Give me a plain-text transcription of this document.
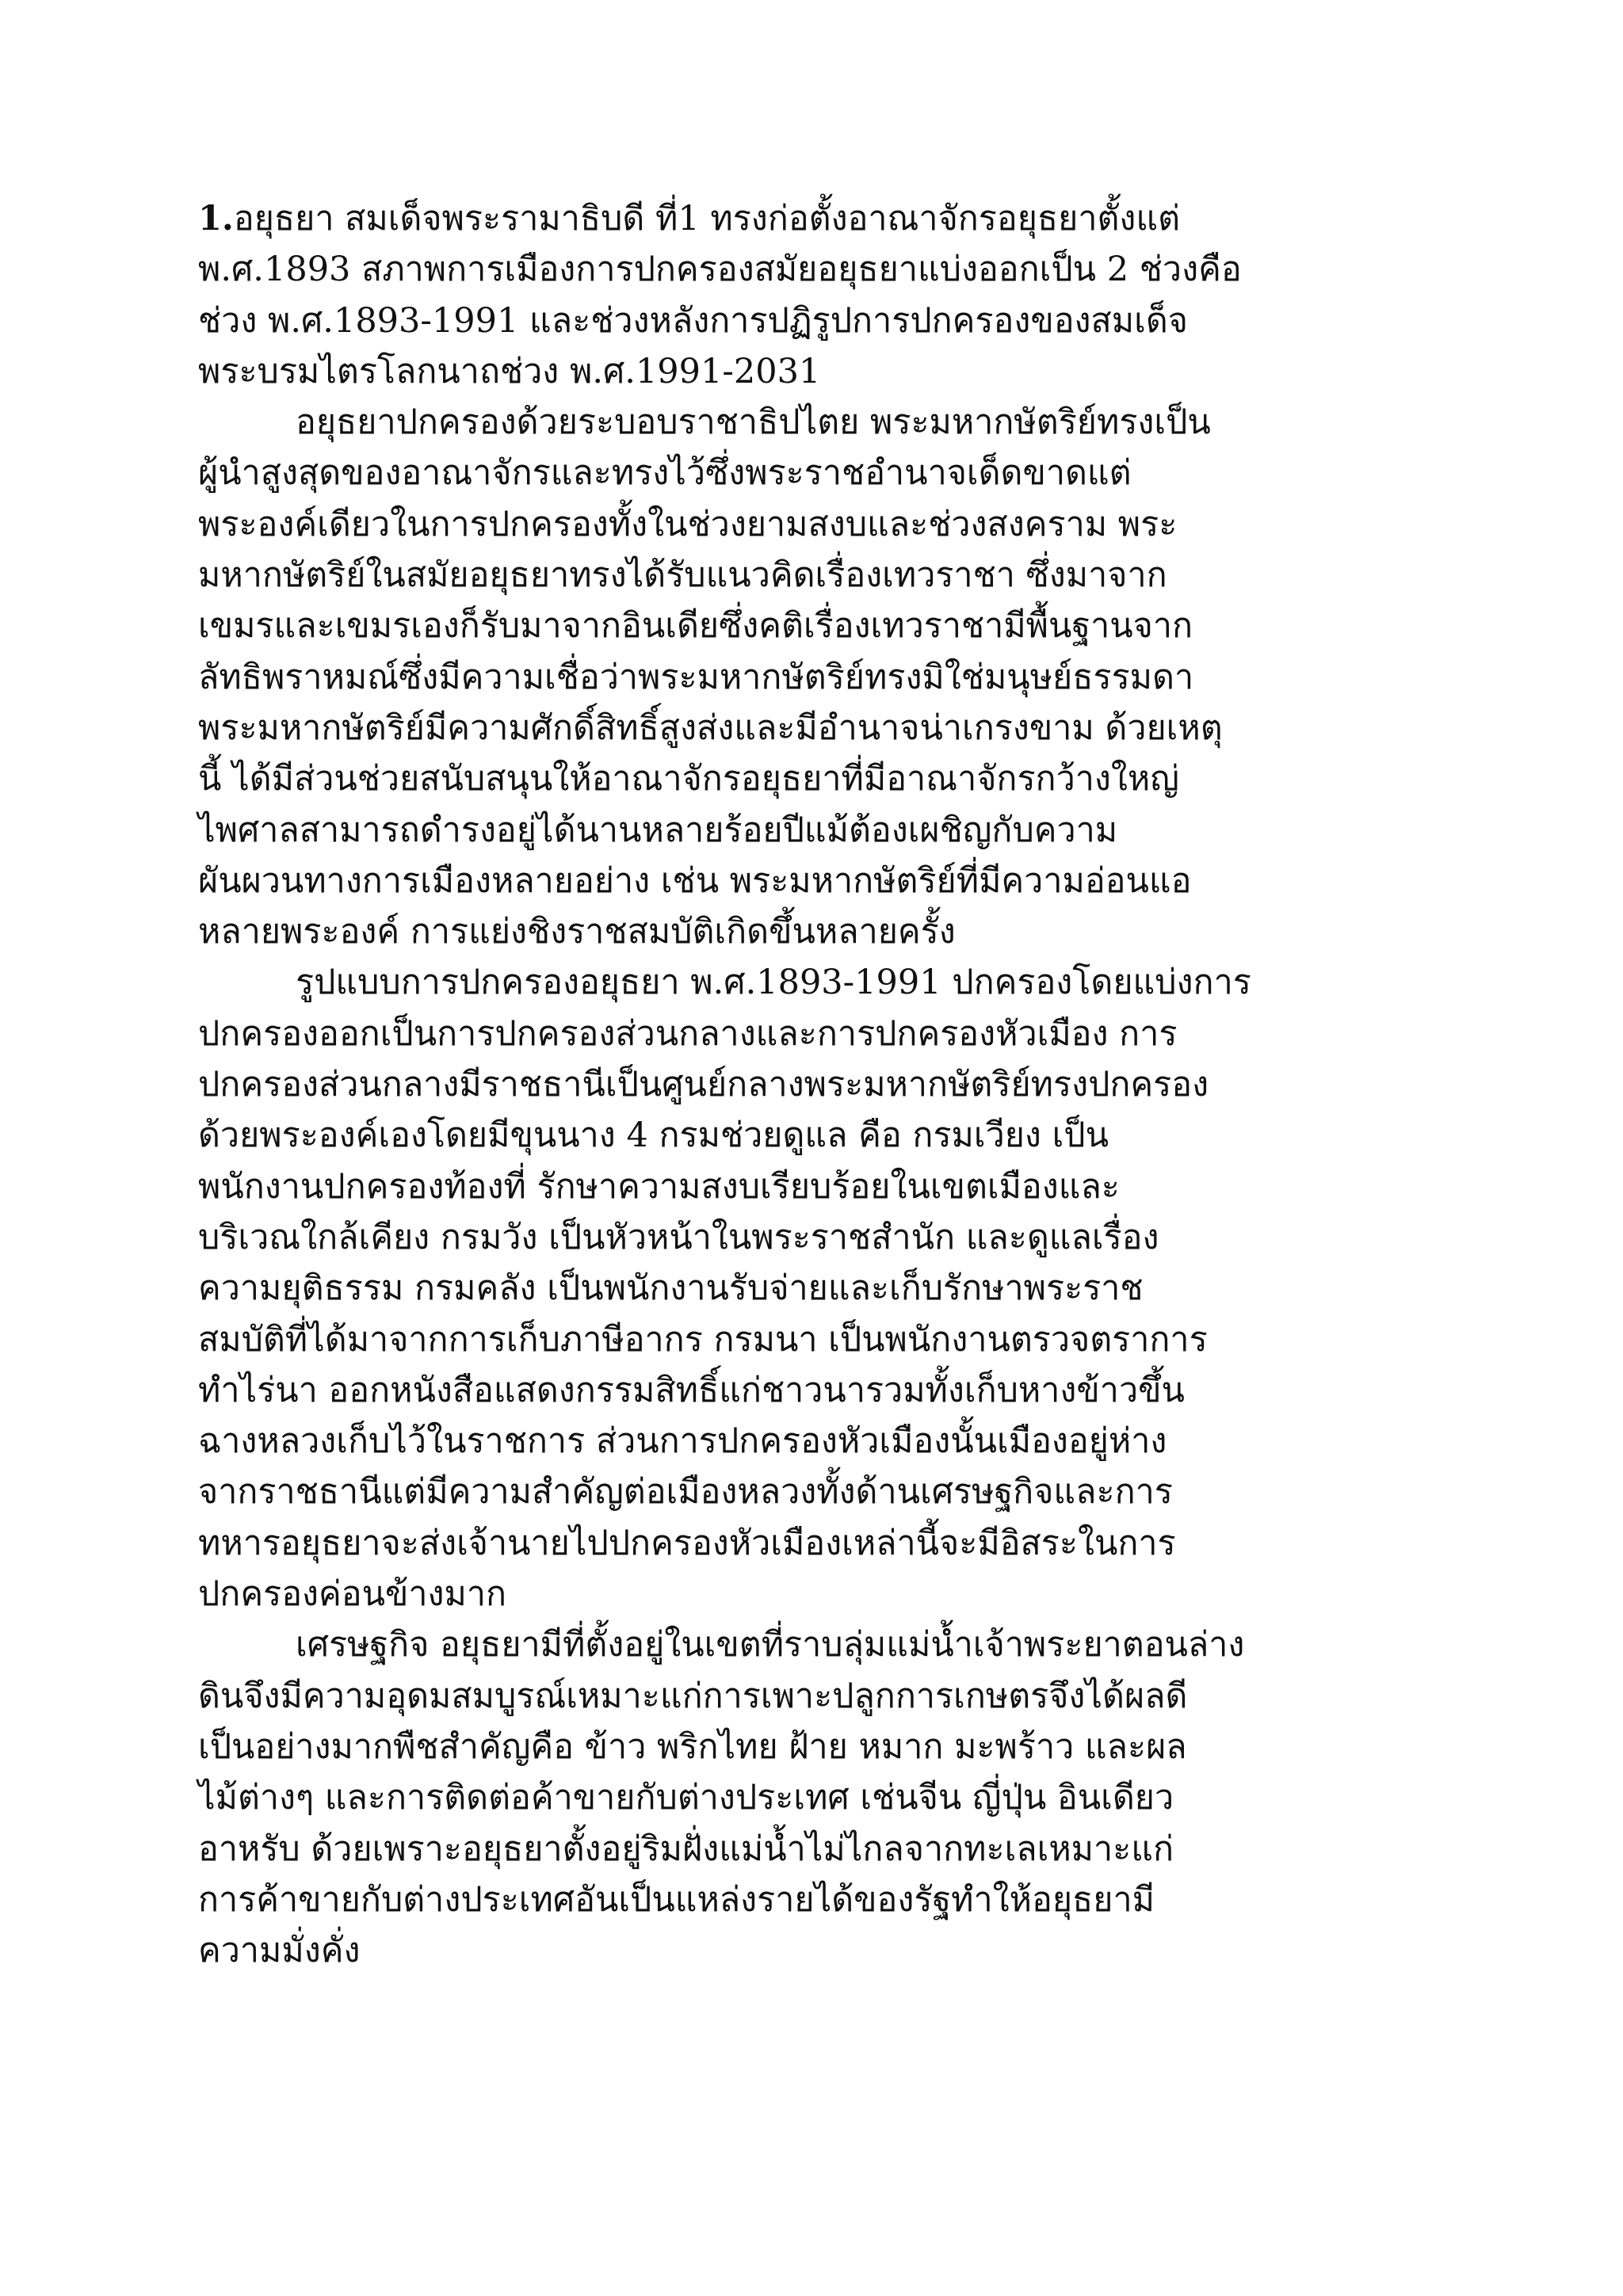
1.อยุธยา สมเด็จพระรามาธิบดี ที่1 ทรงก่อตั้งอาณาจักรอยุธยาตั้งแต่
พ.ศ.1893 สภาพการเมืองการปกครองสมัยอยุธยาแบ่งออกเป็น 2 ช่วงคือ
ช่วง พ.ศ.1893-1991 และช่วงหลังการปฏิรูปการปกครองของสมเด็จ
พระบรมไตรโลกนาถช่วง พ.ศ.1991-2031
อยุธยาปกครองด้วยระบอบราชาธิปไตย พระมหากษัตริย์ทรงเป็น
ผู้นำสูงสุดของอาณาจักรและทรงไว้ซึ่งพระราชอำนาจเด็ดขาดแต่
พระองค์เดียวในการปกครองทั้งในช่วงยามสงบและช่วงสงคราม พระ
มหากษัตริย์ในสมัยอยุธยาทรงได้รับแนวคิดเรื่องเทวราชา ซึ่งมาจาก
เขมรและเขมรเองก็รับมาจากอินเดียซึ่งคติเรื่องเทวราชามีพื้นฐานจาก
ลัทธิพราหมณ์ซึ่งมีความเชื่อว่าพระมหากษัตริย์ทรงมิใช่มนุษย์ธรรมดา
พระมหากษัตริย์มีความศักดิ์สิทธิ์สูงส่งและมีอำนาจน่าเกรงขาม ด้วยเหตุ
นี้ ได้มีส่วนช่วยสนับสนุนให้อาณาจักรอยุธยาที่มีอาณาจักรกว้างใหญ่
ไพศาลสามารถดำรงอยู่ได้นานหลายร้อยปีแม้ต้องเผชิญกับความ
ผันผวนทางการเมืองหลายอย่าง เช่น พระมหากษัตริย์ที่มีความอ่อนแอ
หลายพระองค์ การแย่งชิงราชสมบัติเกิดขึ้นหลายครั้ง
รูปแบบการปกครองอยุธยา พ.ศ.1893-1991 ปกครองโดยแบ่งการ
ปกครองออกเป็นการปกครองส่วนกลางและการปกครองหัวเมือง การ
ปกครองส่วนกลางมีราชธานีเป็นศูนย์กลางพระมหากษัตริย์ทรงปกครอง
ด้วยพระองค์เองโดยมีขุนนาง 4 กรมช่วยดูแล คือ กรมเวียง เป็น
พนักงานปกครองท้องที่ รักษาความสงบเรียบร้อยในเขตเมืองและ
บริเวณใกล้เคียง กรมวัง เป็นหัวหน้าในพระราชสำนัก และดูแลเรื่อง
ความยุติธรรม กรมคลัง เป็นพนักงานรับจ่ายและเก็บรักษาพระราช
สมบัติที่ได้มาจากการเก็บภาษีอากร กรมนา เป็นพนักงานตรวจตราการ
ทำไร่นา ออกหนังสือแสดงกรรมสิทธิ์แก่ชาวนารวมทั้งเก็บหางข้าวขึ้น
ฉางหลวงเก็บไว้ในราชการ ส่วนการปกครองหัวเมืองนั้นเมืองอยู่ห่าง
จากราชธานีแต่มีความสำคัญต่อเมืองหลวงทั้งด้านเศรษฐกิจและการ
ทหารอยุธยาจะส่งเจ้านายไปปกครองหัวเมืองเหล่านี้จะมีอิสระในการ
ปกครองค่อนข้างมาก
เศรษฐกิจ อยุธยามีที่ตั้งอยู่ในเขตที่ราบลุ่มแม่น้ำเจ้าพระยาตอนล่าง
ดินจึงมีความอุดมสมบูรณ์เหมาะแก่การเพาะปลูกการเกษตรจึงได้ผลดี
เป็นอย่างมากพืชสำคัญคือ ข้าว พริกไทย ฝ้าย หมาก มะพร้าว และผล
ไม้ต่างๆ และการติดต่อค้าขายกับต่างประเทศ เช่นจีน ญี่ปุ่น อินเดียว
อาหรับ ด้วยเพราะอยุธยาตั้งอยู่ริมฝั่งแม่น้ำไม่ไกลจากทะเลเหมาะแก่
การค้าขายกับต่างประเทศอันเป็นแหล่งรายได้ของรัฐทำให้อยุธยามี
ความมั่งคั่ง
